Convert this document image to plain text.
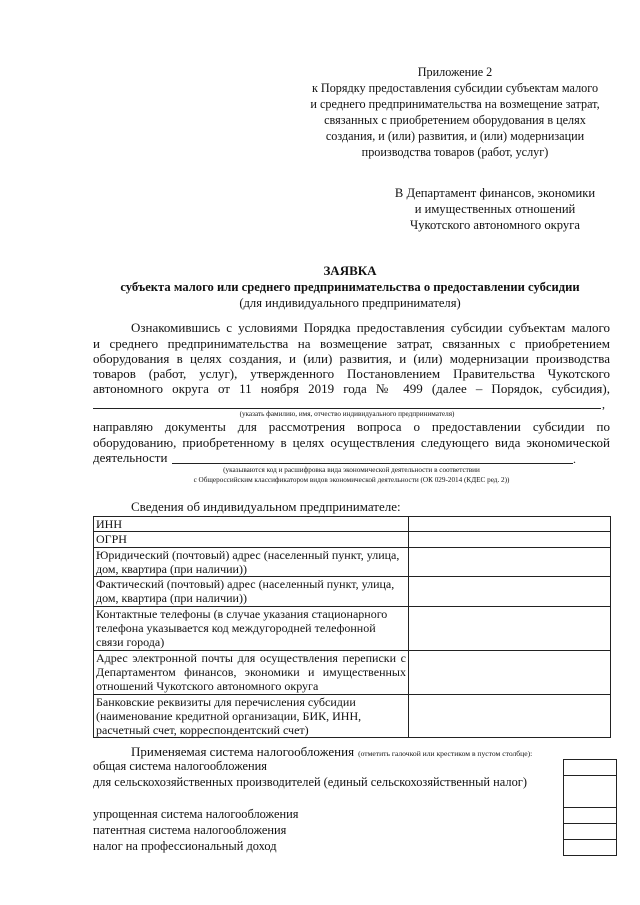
Приложение 2
к Порядку предоставления субсидии субъектам малого
и среднего предпринимательства на возмещение затрат,
связанных с приобретением оборудования в целях
создания, и (или) развития, и (или) модернизации
производства товаров (работ, услуг)
В Департамент финансов, экономики
и имущественных отношений
Чукотского автономного округа
ЗАЯВКА
субъекта малого или среднего предпринимательства о предоставлении субсидии
(для индивидуального предпринимателя)
Ознакомившись с условиями Порядка предоставления субсидии субъектам малого
и среднего предпринимательства на возмещение затрат, связанных с приобретением
оборудования в целях создания, и (или) развития, и (или) модернизации производства
товаров (работ, услуг), утвержденного Постановлением Правительства Чукотского
автономного округа от 11 ноября 2019 года № 499 (далее – Порядок, субсидия),
,
(указать фамилию, имя, отчество индивидуального предпринимателя)
направляю документы для рассмотрения вопроса о предоставлении субсидии по
оборудованию, приобретенному в целях осуществления следующего вида экономической
деятельности	.
(указываются код и расшифровка вида экономической деятельности в соответствии
с Общероссийским классификатором видов экономической деятельности (ОК 029-2014 (КДЕС ред. 2))
Сведения об индивидуальном предпринимателе:
ИНН	
ОГРН	
Юридический (почтовый) адрес (населенный пункт, улица, дом, квартира (при наличии))	
Фактический (почтовый) адрес (населенный пункт, улица, дом, квартира (при наличии))	
Контактные телефоны (в случае указания стационарного телефона указывается код междугородней телефонной связи города)	
Адрес электронной почты для осуществления переписки с Департаментом финансов, экономики и имущественных отношений Чукотского автономного округа	
Банковские реквизиты для перечисления субсидии (наименование кредитной организации, БИК, ИНН, расчетный счет, корреспондентский счет)	
Применяемая система налогообложения (отметить галочкой или крестиком в пустом столбце):
общая система налогообложения
для сельскохозяйственных производителей (единый сельскохозяйственный налог)
упрощенная система налогообложения
патентная система налогообложения
налог на профессиональный доход
